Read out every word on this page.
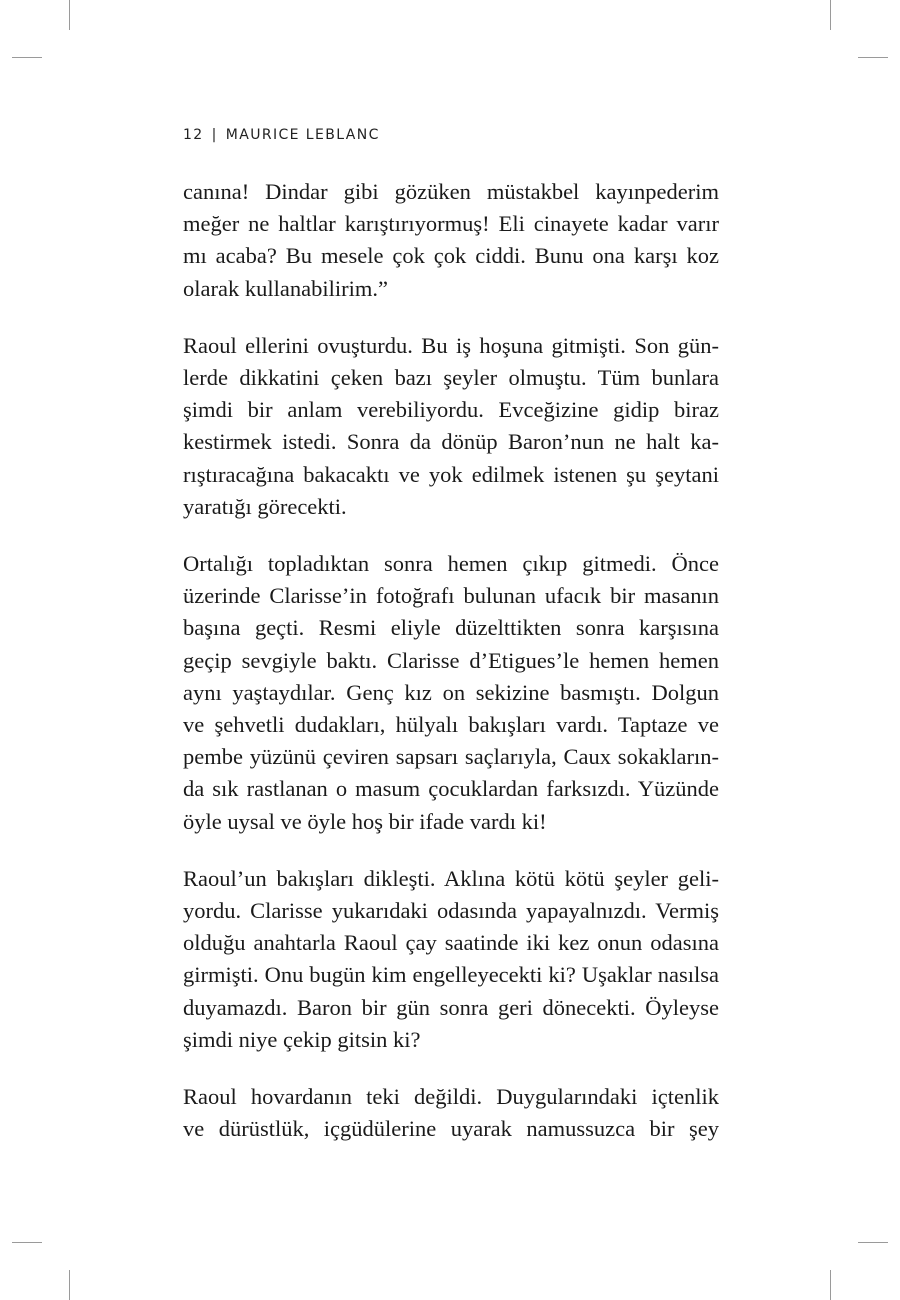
12 | MAURICE LEBLANC
canına! Dindar gibi gözüken müstakbel kayınpederim
meğer ne haltlar karıştırıyormuş! Eli cinayete kadar varır
mı acaba? Bu mesele çok çok ciddi. Bunu ona karşı koz
olarak kullanabilirim.”
Raoul ellerini ovuşturdu. Bu iş hoşuna gitmişti. Son gün-
lerde dikkatini çeken bazı şeyler olmuştu. Tüm bunlara
şimdi bir anlam verebiliyordu. Evceğizine gidip biraz
kestirmek istedi. Sonra da dönüp Baron’nun ne halt ka-
rıştıracağına bakacaktı ve yok edilmek istenen şu şeytani
yaratığı görecekti.
Ortalığı topladıktan sonra hemen çıkıp gitmedi. Önce
üzerinde Clarisse’in fotoğrafı bulunan ufacık bir masanın
başına geçti. Resmi eliyle düzelttikten sonra karşısına
geçip sevgiyle baktı. Clarisse d’Etigues’le hemen hemen
aynı yaştaydılar. Genç kız on sekizine basmıştı. Dolgun
ve şehvetli dudakları, hülyalı bakışları vardı. Taptaze ve
pembe yüzünü çeviren sapsarı saçlarıyla, Caux sokakların-
da sık rastlanan o masum çocuklardan farksızdı. Yüzünde
öyle uysal ve öyle hoş bir ifade vardı ki!
Raoul’un bakışları dikleşti. Aklına kötü kötü şeyler geli-
yordu. Clarisse yukarıdaki odasında yapayalnızdı. Vermiş
olduğu anahtarla Raoul çay saatinde iki kez onun odasına
girmişti. Onu bugün kim engelleyecekti ki? Uşaklar nasılsa
duyamazdı. Baron bir gün sonra geri dönecekti. Öyleyse
şimdi niye çekip gitsin ki?
Raoul hovardanın teki değildi. Duygularındaki içtenlik
ve dürüstlük, içgüdülerine uyarak namussuzca bir şey
